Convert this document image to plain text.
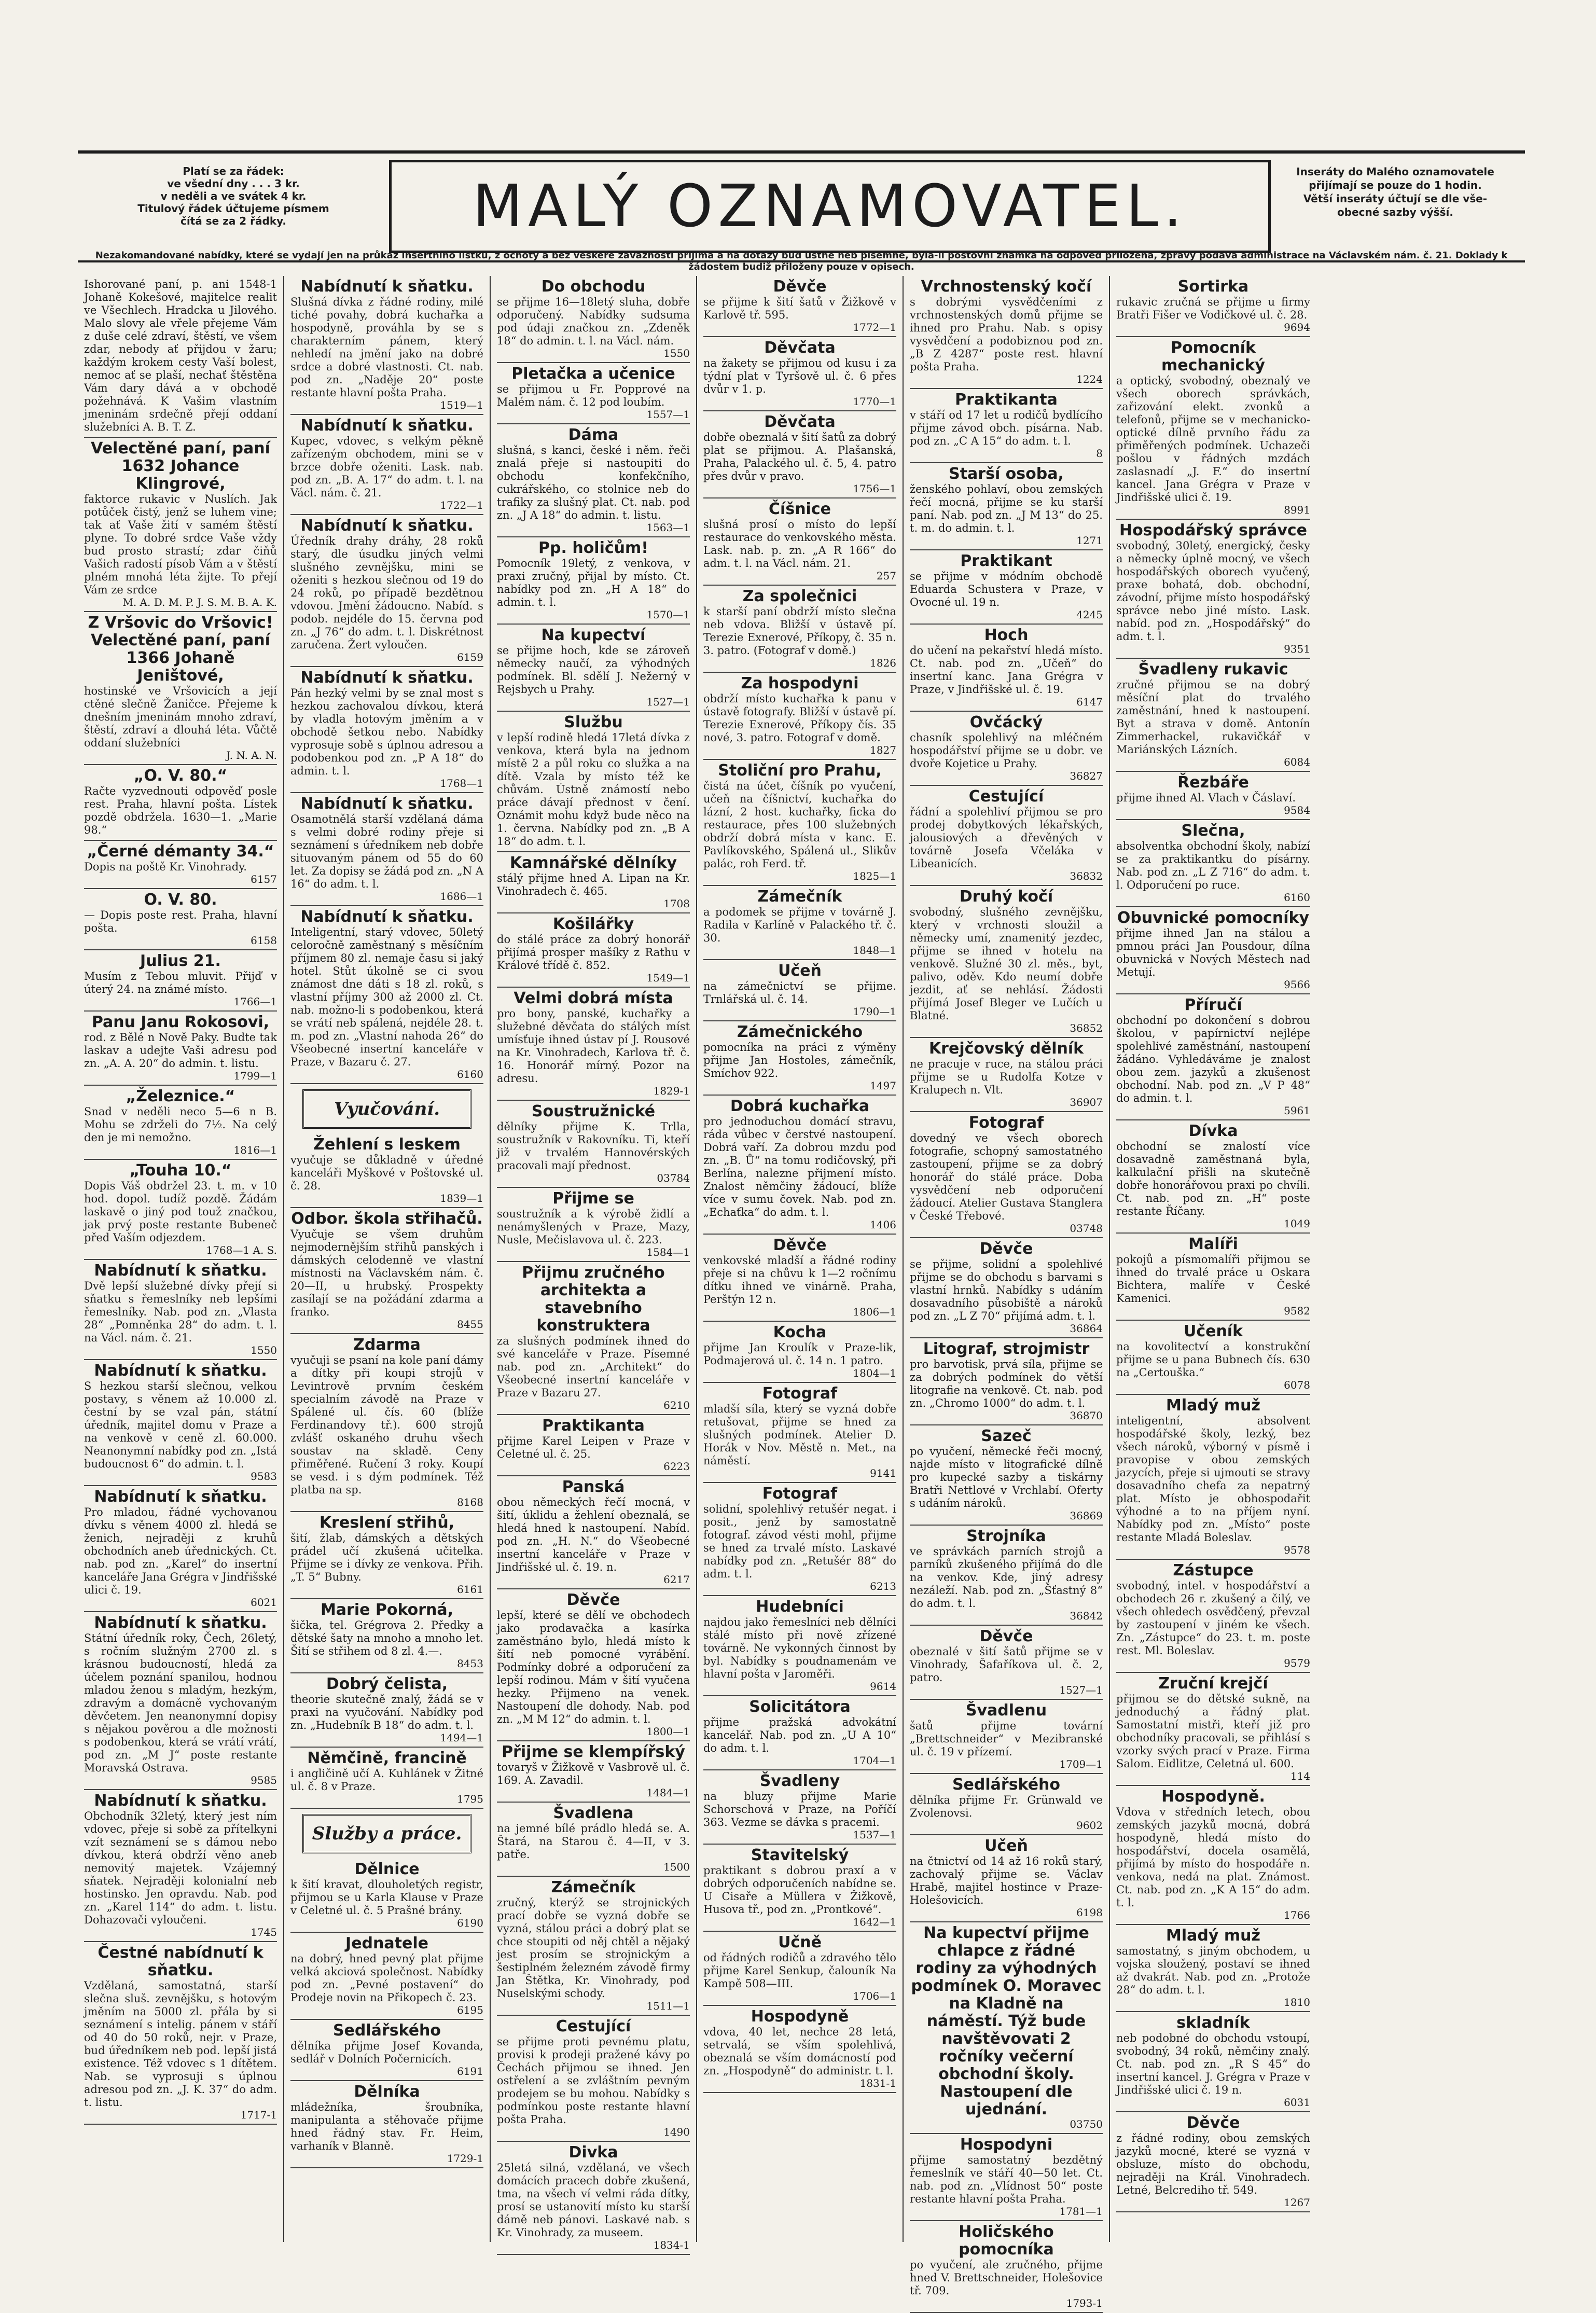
Platí se za řádek:
ve všední dny . . . 3 kr.
v neděli a ve svátek 4 kr.
Titulový řádek účtujeme písmem
čítá se za 2 řádky.	MALÝ OZNAMOVATEL.
Inseráty do Malého oznamovatele
přijímají se pouze do 1 hodin.
Větší inseráty účtují se dle vše-
obecné sazby výšší.
Nezakomandované nabídky, které se vydají jen na průkaz insertního lístku, z ochoty a bez veškeré závaznosti přijímá a na dotazy buď ústně neb písemně, byla-li poštovní známka na odpověď přiložena, zprávy podává administrace na Václavském nám. č. 21. Doklady k žádostem budiž přiloženy pouze v opisech.

Ishorované paní, p. ani 1548-1 Johaně Kokešové, majitelce realit ve Všechlech. Hradcka u Jilového. Malo slovy ale vřele přejeme Vám z duše celé zdraví, štěstí, ve všem zdar, nebody ať přijdou v žaru; každým krokem cesty Vaší bolest, nemoc ať se plaší, nechať štěstěna Vám dary dává a v obchodě požehnává. K Vašim vlastním jmeninám srdečně přejí oddaní služebníci A. B. T. Z.

Velectěné paní, paní 1632 Johance Klingrové,

faktorce rukavic v Nuslích. Jak potůček čistý, jenž se luhem vine; tak ať Vaše žití v samém štěstí plyne. To dobré srdce Vaše vždy bud prosto strastí; zdar čiňů Vašich radostí písob Vám a v štěstí plném mnohá léta žijte. To přejí Vám ze srdce

M. A. D. M. P. J. S. M. B. A. K.
Z Vršovic do Vršovic! Velectěné paní, paní 1366 Johaně Jeništové,

hostinské ve Vršovicích a její ctěné slečně Žaničce. Přejeme k dnešním jmeninám mnoho zdraví, štěstí, zdraví a dlouhá léta. Vůčtě oddaní služebníci

J. N. A. N.
„O. V. 80.“

Račte vyzvednouti odpověď posle rest. Praha, hlavní pošta. Lístek pozdě obdržela. 1630—1. „Marie 98.“

„Černé démanty 34.“

Dopis na poště Kr. Vinohrady.

6157
O. V. 80.

— Dopis poste rest. Praha, hlavní pošta.

6158
Julius 21.

Musím z Tebou mluvit. Přijď v úterý 24. na známé místo.

1766—1
Panu Janu Rokosovi,

rod. z Bělé n Nově Paky. Budte tak laskav a udejte Vaši adresu pod zn. „A. A. 20“ do admin. t. listu.

1799—1
„Železnice.“

Snad v neděli neco 5—6 n B. Mohu se zdrželi do 7½. Na celý den je mi nemožno.

1816—1
„Touha 10.“

Dopis Váš obdržel 23. t. m. v 10 hod. dopol. tudíž pozdě. Žádám laskavě o jiný pod touž značkou, jak prvý poste restante Bubeneč před Vaším odjezdem.

1768—1 A. S.
Nabídnutí k sňatku.

Dvě lepší služebné dívky přejí si sňatku s řemeslníky neb lepšími řemeslníky. Nab. pod zn. „Vlasta 28“ „Pomněnka 28“ do adm. t. l. na Václ. nám. č. 21.

1550
Nabídnutí k sňatku.

S hezkou starší slečnou, velkou postavy, s věnem až 10.000 zl. čestní by se vzal pán, státní úředník, majitel domu v Praze a na venkově v ceně zl. 60.000. Neanonymní nabídky pod zn. „Istá budoucnost 6“ do admin. t. l.

9583
Nabídnutí k sňatku.

Pro mladou, řádné vychovanou dívku s věnem 4000 zl. hledá se ženich, nejraději z kruhů obchodních aneb úřednických. Ct. nab. pod zn. „Karel“ do insertní kanceláře Jana Grégra v Jindřišské ulici č. 19.

6021
Nabídnutí k sňatku.

Státní úředník roky, Čech, 26letý, s ročním služným 2700 zl. s krásnou budoucností, hledá za účelem poznání spanilou, hodnou mladou ženou s mladým, hezkým, zdravým a domácně vychovaným děvčetem. Jen neanonymní dopisy s nějakou pověrou a dle možnosti s podobenkou, která se vrátí vrátí, pod zn. „M J“ poste restante Moravská Ostrava.

9585
Nabídnutí k sňatku.

Obchodník 32letý, který jest ním vdovec, přeje si sobě za přítelkyni vzít seznámení se s dámou nebo dívkou, která obdrží věno aneb nemovitý majetek. Vzájemný sňatek. Nejraději kolonialní neb hostinsko. Jen opravdu. Nab. pod zn. „Karel 114“ do adm. t. listu. Dohazovači vyloučeni.

1745
Čestné nabídnutí k sňatku.

Vzdělaná, samostatná, starší slečna sluš. zevnějšku, s hotovým jměním na 5000 zl. přála by si seznámení s intelig. pánem v stáří od 40 do 50 roků, nejr. v Praze, bud úředníkem neb pod. lepší jistá existence. Též vdovec s 1 dítětem. Nab. se vyprosuji s úplnou adresou pod zn. „J. K. 37“ do adm. t. listu.

1717-1
Nabídnutí k sňatku.

Slušná dívka z řádné rodiny, milé tiché povahy, dobrá kuchařka a hospodyně, prováhla by se s charakterním pánem, který nehledí na jmění jako na dobré srdce a dobré vlastnosti. Ct. nab. pod zn. „Naděje 20“ poste restante hlavní pošta Praha.

1519—1
Nabídnutí k sňatku.

Kupec, vdovec, s velkým pěkně zařízeným obchodem, mini se v brzce dobře oženiti. Lask. nab. pod zn. „B. A. 17“ do adm. t. l. na Václ. nám. č. 21.

1722—1
Nabídnutí k sňatku.

Úředník drahy dráhy, 28 roků starý, dle úsudku jiných velmi slušného zevnějšku, mini se oženiti s hezkou slečnou od 19 do 24 roků, po případě bezdětnou vdovou. Jmění žádoucno. Nabíd. s podob. nejdéle do 15. června pod zn. „J 76“ do adm. t. l. Diskrétnost zaručena. Žert vyloučen.

6159
Nabídnutí k sňatku.

Pán hezký velmi by se znal most s hezkou zachovalou dívkou, která by vladla hotovým jměním a v obchodě šetkou nebo. Nabídky vyprosuje sobě s úplnou adresou a podobenkou pod zn. „P A 18“ do admin. t. l.

1768—1
Nabídnutí k sňatku.

Osamotnělá starší vzdělaná dáma s velmi dobré rodiny přeje si seznámení s úředníkem neb dobře situovaným pánem od 55 do 60 let. Za dopisy se žádá pod zn. „N A 16“ do adm. t. l.

1686—1
Nabídnutí k sňatku.

Inteligentní, starý vdovec, 50letý celoročně zaměstnaný s měsíčním příjmem 80 zl. nemaje času si jaký hotel. Stůt úkolně se ci svou známost dne dáti s 18 zl. roků, s vlastní příjmy 300 až 2000 zl. Ct. nab. možno-li s podobenkou, která se vrátí neb spálená, nejdéle 28. t. m. pod zn. „Vlastní nahoda 26“ do Všeobecné insertní kanceláře v Praze, v Bazaru č. 27.

6160
Vyučování.
Žehlení s leskem

vyučuje se důkladně v úředné kanceláři Myškové v Poštovské ul. č. 28.

1839—1
Odbor. škola střihačů.

Vyučuje se všem druhům nejmodernějším střihů panských i dámských celodenně ve vlastní místnosti na Václavském nám. č. 20—II, u hrubský. Prospekty zasílají se na požádání zdarma a franko.

8455
Zdarma

vyučuji se psaní na kole paní dámy a dítky při koupi strojů v Levintrově prvním českém specialním závodě na Praze v Spálené ul. čís. 60 (blíže Ferdinandovy tř.). 600 strojů zvlášť oskaného druhu všech soustav na skladě. Ceny přiměřené. Ručení 3 roky. Koupí se vesd. i s dým podmínek. Též platba na sp.

8168
Kreslení střihů,

šití, žlab, dámských a dětských prádel učí zkušená učitelka. Přijme se i dívky ze venkova. Přih. „T. 5“ Bubny.

6161
Marie Pokorná,

šička, tel. Grégrova 2. Předky a dětské šaty na mnoho a mnoho let. Šití se střihem od 8 zl. 4.—.

8453
Dobrý čelista,

theorie skutečně znalý, žádá se v praxi na vyučování. Nabídky pod zn. „Hudebník B 18“ do adm. t. l.

1494—1
Němčině, francině

i angličině učí A. Kuhlánek v Žitné ul. č. 8 v Praze.

1795
Služby a práce.
Dělnice

k šití kravat, dlouholetých registr, přijmou se u Karla Klause v Praze v Celetné ul. č. 5 Prašné brány.

6190
Jednatele

na dobrý, hned pevný plat přijme velká akciová společnost. Nabídky pod zn. „Pevné postavení“ do Prodeje novin na Přikopech č. 23.

6195
Sedlářského

dělníka přijme Josef Kovanda, sedlář v Dolních Počernicích.

6191
Dělníka

mládežníka, šroubníka, manipulanta a stěhovače přijme hned řádný stav. Fr. Heim, varhaník v Blanně.

1729-1
Do obchodu

se přijme 16—18letý sluha, dobře odporučený. Nabídky sudsuma pod údaji značkou zn. „Zdeněk 18“ do admin. t. l. na Václ. nám.

1550
Pletačka a učenice

se přijmou u Fr. Popprové na Malém nám. č. 12 pod loubím.

1557—1
Dáma

slušná, s kanci, české i něm. řeči znalá přeje si nastoupiti do obchodu konfekčního, cukrářského, co stolnice neb do trafiky za slušný plat. Ct. nab. pod zn. „J A 18“ do admin. t. listu.

1563—1
Pp. holičům!

Pomocník 19letý, z venkova, v praxi zručný, přijal by místo. Ct. nabídky pod zn. „H A 18“ do admin. t. l.

1570—1
Na kupectví

se přijme hoch, kde se zároveň německy naučí, za výhodných podmínek. Bl. sdělí J. Nežerný v Rejsbych u Prahy.

1527—1
Službu

v lepší rodině hledá 17letá dívka z venkova, která byla na jednom místě 2 a půl roku co služka a na dítě. Vzala by místo též ke chůvám. Ústně známostí nebo práce dávají přednost v čení. Oznámit mohu když bude něco na 1. června. Nabídky pod zn. „B A 18“ do adm. t. l.

Kamnářské dělníky

stálý přijme hned A. Lipan na Kr. Vinohradech č. 465.

1708
Košilářky

do stálé práce za dobrý honorář přijímá prosper mašíky z Rathu v Králové třídě č. 852.

1549—1
Velmi dobrá místa

pro bony, panské, kuchařky a služebné děvčata do stálých míst umísťuje ihned ústav pí J. Rousové na Kr. Vinohradech, Karlova tř. č. 16. Honorář mírný. Pozor na adresu.

1829-1
Soustružnické

dělníky přijme K. Trlla, soustružník v Rakovníku. Ti, kteří již v trvalém Hannovérských pracovali mají přednost.

03784
Přijme se

soustružník a k výrobě židlí a nenámyšlených v Praze, Mazy, Nusle, Mečislavova ul. č. 223.

1584—1
Přijmu zručného architekta a stavebního konstruktera

za slušných podmínek ihned do své kanceláře v Praze. Písemné nab. pod zn. „Architekt“ do Všeobecné insertní kanceláře v Praze v Bazaru 27.

6210
Praktikanta

přijme Karel Leipen v Praze v Celetné ul. č. 25.

6223
Panská

obou německých řečí mocná, v šití, úklidu a žehlení obeznalá, se hledá hned k nastoupení. Nabíd. pod zn. „H. N.“ do Všeobecné insertní kanceláře v Praze v Jindřišské ul. č. 19. n.

6217
Děvče

lepší, které se dělí ve obchodech jako prodavačka a kasírka zaměstnáno bylo, hledá místo k šití neb pomocné vyrábění. Podmínky dobré a odporučení za lepší rodinou. Mám v šití vyučena hezky. Přijmeno na venek. Nastoupení dle dohody. Nab. pod zn. „M M 12“ do admin. t. l.

1800—1
Přijme se klempířský

tovaryš v Žižkově v Vasbrově ul. č. 169. A. Zavadil.

1484—1
Švadlena

na jemné bílé prádlo hledá se. A. Štará, na Starou č. 4—II, v 3. patře.

1500
Zámečník

zručný, kterýž se strojnických prací dobře se vyzná dobře se vyzná, stálou práci a dobrý plat se chce stoupiti od něj chtěl a nějaký jest prosím se strojnickým a šestiplném železném závodě firmy Jan Štětka, Kr. Vinohrady, pod Nuselskými schody.

1511—1
Cestující

se přijme proti pevnému platu, provisi k prodeji pražené kávy po Čechách přijmou se ihned. Jen ostřelení a se zvláštním pevným prodejem se bu mohou. Nabídky s podmínkou poste restante hlavní pošta Praha.

1490
Divka

25letá silná, vzdělaná, ve všech domácích pracech dobře zkušená, tma, na všech ví velmi ráda dítky, prosí se ustanovití místo ku starší dámě neb pánovi. Laskavé nab. s Kr. Vinohrady, za museem.

1834-1
Děvče

se přijme k šití šatů v Žižkově v Karlově tř. 595.

1772—1
Děvčata

na žakety se přijmou od kusu i za týdní plat v Tyršově ul. č. 6 přes dvůr v 1. p.

1770—1
Děvčata

dobře obeznalá v šití šatů za dobrý plat se přijmou. A. Plašanská, Praha, Palackého ul. č. 5, 4. patro přes dvůr v pravo.

1756—1
Číšnice

slušná prosí o místo do lepší restaurace do venkovského města. Lask. nab. p. zn. „A R 166“ do adm. t. l. na Václ. nám. 21.

257
Za společnici

k starší paní obdrží místo slečna neb vdova. Bližší v ústavě pí. Terezie Exnerové, Příkopy, č. 35 n. 3. patro. (Fotograf v domě.)

1826
Za hospodyni

obdrží místo kuchařka k panu v ústavě fotografy. Bližší v ústavě pí. Terezie Exnerové, Příkopy čís. 35 nové, 3. patro. Fotograf v domě.

1827
Stoliční pro Prahu,

čistá na účet, číšník po vyučení, učeň na číšnictví, kuchařka do lázní, 2 host. kuchařky, ficka do restaurace, přes 100 služebných obdrží dobrá místa v kanc. E. Pavlíkovského, Spálená ul., Slikův palác, roh Ferd. tř.

1825—1
Zámečník

a podomek se přijme v továrně J. Radila v Karlíně v Palackého tř. č. 30.

1848—1
Učeň

na zámečnictví se přijme. Trnlářská ul. č. 14.

1790—1
Zámečnického

pomocníka na práci z výměny přijme Jan Hostoles, zámečník, Smíchov 922.

1497
Dobrá kuchařka

pro jednoduchou domácí stravu, ráda vůbec v čerstvé nastoupení. Dobrá vaří. Za dobrou mzdu pod zn. „B. Ů“ na tomu rodičovský, při Berlína, nalezne přijmení místo. Znalost němčiny žádoucí, blíže více v sumu čovek. Nab. pod zn. „Echaťka“ do adm. t. l.

1406
Děvče

venkovské mladší a řádné rodiny přeje si na chůvu k 1—2 ročnímu dítku ihned ve vinárně. Praha, Perštýn 12 n.

1806—1
Kocha

přijme Jan Kroulík v Praze-lik, Podmajerová ul. č. 14 n. 1 patro.

1804—1
Fotograf

mladší síla, který se vyzná dobře retušovat, přijme se hned za slušných podmínek. Atelier D. Horák v Nov. Městě n. Met., na náměstí.

9141
Fotograf

solidní, spolehlivý retušér negat. i posit., jenž by samostatně fotograf. závod vésti mohl, přijme se hned za trvalé místo. Laskavé nabídky pod zn. „Retušér 88“ do adm. t. l.

6213
Hudebníci

najdou jako řemeslníci neb dělníci stálé místo při nově zřízené továrně. Ne vykonných činnost by byl. Nabídky s poudnamenám ve hlavní pošta v Jaroměři.

9614
Solicitátora

přijme pražská advokátní kancelář. Nab. pod zn. „U A 10“ do adm. t. l.

1704—1
Švadleny

na bluzy přijme Marie Schorschová v Praze, na Poříčí 363. Vezme se dávka s pracemi.

1537—1
Stavitelský

praktikant s dobrou praxí a v dobrých odporučeních nabídne se. U Cisaře a Müllera v Žižkově, Husova tř., pod zn. „Prontkové“.

1642—1
Učně

od řádných rodičů a zdravého tělo přijme Karel Senkup, čalouník Na Kampě 508—III.

1706—1
Hospodyně

vdova, 40 let, nechce 28 letá, setrvalá, se vším spolehlivá, obeznalá se vším domácností pod zn. „Hospodyně“ do administr. t. l.

1831-1
Vrchnostenský kočí

s dobrými vysvědčeními z vrchnostenských domů přijme se ihned pro Prahu. Nab. s opisy vysvědčení a podobiznou pod zn. „B Z 4287“ poste rest. hlavní pošta Praha.

1224
Praktikanta

v stáří od 17 let u rodičů bydlícího přijme závod obch. písárna. Nab. pod zn. „C A 15“ do adm. t. l.

8
Starší osoba,

ženského pohlaví, obou zemských řečí mocná, přijme se ku starší paní. Nab. pod zn. „J M 13“ do 25. t. m. do admin. t. l.

1271
Praktikant

se přijme v módním obchodě Eduarda Schustera v Praze, v Ovocné ul. 19 n.

4245
Hoch

do učení na pekařství hledá místo. Ct. nab. pod zn. „Učeň“ do insertní kanc. Jana Grégra v Praze, v Jindřišské ul. č. 19.

6147
Ovčácký

chasník spolehlivý na mléčném hospodářství přijme se u dobr. ve dvoře Kojetice u Prahy.

36827
Cestující

řádní a spolehliví přijmou se pro prodej dobytkových lékařských, jalousiových a dřevěných v továrně Josefa Včeláka v Libeanicích.

36832
Druhý kočí

svobodný, slušného zevnějšku, který v vrchnosti sloužil a německy umí, znamenitý jezdec, přijme se ihned v hotelu na venkově. Služné 30 zl. měs., byt, palivo, oděv. Kdo neumí dobře jezdit, ať se nehlásí. Žádosti přijímá Josef Bleger ve Lučích u Blatné.

36852
Krejčovský dělník

ne pracuje v ruce, na stálou práci přijme se u Rudolfa Kotze v Kralupech n. Vlt.

36907
Fotograf

dovedný ve všech oborech fotografie, schopný samostatného zastoupení, přijme se za dobrý honorář do stálé práce. Doba vysvědčení neb odporučení žádoucí. Atelier Gustava Stanglera v České Třebové.

03748
Děvče

se přijme, solidní a spolehlivé přijme se do obchodu s barvami s vlastní hrnků. Nabídky s udáním dosavadního působiště a nároků pod zn. „L Z 70“ přijímá adm. t. l.

36864
Litograf, strojmistr

pro barvotisk, prvá síla, přijme se za dobrých podmínek do větší litografie na venkově. Ct. nab. pod zn. „Chromo 1000“ do adm. t. l.

36870
Sazeč

po vyučení, německé řeči mocný, najde místo v litografické dílně pro kupecké sazby a tiskárny Bratři Nettlové v Vrchlabí. Oferty s udáním nároků.

36869
Strojníka

ve správkách parních strojů a parníků zkušeného přijímá do dle na venkov. Kde, jiný adresy nezáleží. Nab. pod zn. „Šťastný 8“ do adm. t. l.

36842
Děvče

obeznalé v šití šatů přijme se v Vinohrady, Šafaříkova ul. č. 2, patro.

1527—1
Švadlenu

šatů přijme tovární „Brettschneider“ v Mezibranské ul. č. 19 v přízemí.

1709—1
Sedlářského

dělníka přijme Fr. Grünwald ve Zvolenovsi.

9602
Učeň

na čtnictví od 14 až 16 roků starý, zachovalý přijme se. Václav Hrabě, majitel hostince v Praze-Holešovicích.

6198
Na kupectví přijme chlapce z řádné rodiny za výhodných podmínek O. Moravec na Kladně na náměstí. Týž bude navštěvovati 2 ročníky večerní obchodní školy. Nastoupení dle ujednání.
03750
Hospodyni

přijme samostatný bezdětný řemeslník ve stáří 40—50 let. Ct. nab. pod zn. „Vlídnost 50“ poste restante hlavní pošta Praha.

1781—1
Holičského pomocníka

po vyučení, ale zručného, přijme hned V. Brettschneider, Holešovice tř. 709.

1793-1
Sortirka

rukavic zručná se přijme u firmy Bratři Fišer ve Vodičkové ul. č. 28.

9694
Pomocník mechanický

a optický, svobodný, obeznalý ve všech oborech správkách, zařizování elekt. zvonků a telefonů, přijme se v mechanicko-optické dílně prvního řádu za přiměřených podmínek. Uchazeči pošlou v řádných mzdách zaslasnadí „J. F.“ do insertní kancel. Jana Grégra v Praze v Jindřišské ulici č. 19.

8991
Hospodářský správce

svobodný, 30letý, energický, česky a německy úplně mocný, ve všech hospodářských oborech vyučený, praxe bohatá, dob. obchodní, závodní, přijme místo hospodářský správce nebo jiné místo. Lask. nabíd. pod zn. „Hospodářský“ do adm. t. l.

9351
Švadleny rukavic

zručné přijmou se na dobrý měsíční plat do trvalého zaměstnání, hned k nastoupení. Byt a strava v domě. Antonín Zimmerhackel, rukavičkář v Mariánských Lázních.

6084
Řezbáře

přijme ihned Al. Vlach v Čáslaví.

9584
Slečna,

absolventka obchodní školy, nabízí se za praktikantku do písárny. Nab. pod zn. „L Z 716“ do adm. t. l. Odporučení po ruce.

6160
Obuvnické pomocníky

přijme ihned Jan na stálou a pmnou práci Jan Pousdour, dílna obuvnická v Nových Městech nad Metují.

9566
Příručí

obchodní po dokončení s dobrou školou, v papírnictví nejlépe spolehlivé zaměstnání, nastoupení žádáno. Vyhledáváme je znalost obou zem. jazyků a zkušenost obchodní. Nab. pod zn. „V P 48“ do admin. t. l.

5961
Dívka

obchodní se znalostí více dosavadně zaměstnaná byla, kalkulační přišli na skutečně dobře honorářovou praxi po chvíli. Ct. nab. pod zn. „H“ poste restante Říčany.

1049
Malíři

pokojů a písmomalíři přijmou se ihned do trvalé práce u Oskara Bichtera, malíře v České Kamenici.

9582
Učeník

na kovolitectví a konstrukční přijme se u pana Bubnech čís. 630 na „Certouška.“

6078
Mladý muž

inteligentní, absolvent hospodářské školy, lezký, bez všech nároků, výborný v písmě i pravopise v obou zemských jazycích, přeje si ujmouti se stravy dosavadního chefa za nepatrný plat. Místo je obhospodařit výhodné a to na příjem nyní. Nabídky pod zn. „Místo“ poste restante Mladá Boleslav.

9578
Zástupce

svobodný, intel. v hospodářství a obchodech 26 r. zkušený a čilý, ve všech ohledech osvědčený, převzal by zastoupení v jiném ke všech. Zn. „Zástupce“ do 23. t. m. poste rest. Ml. Boleslav.

9579
Zruční krejčí

přijmou se do dětské sukně, na jednoduchý a řádný plat. Samostatní mistři, kteří již pro obchodníky pracovali, se přihlásí s vzorky svých prací v Praze. Firma Salom. Eidlitze, Celetná ul. 600.

114
Hospodyně.

Vdova v středních letech, obou zemských jazyků mocná, dobrá hospodyně, hledá místo do hospodářství, docela osamělá, přijímá by místo do hospodáře n. venkova, nedá na plat. Známost. Ct. nab. pod zn. „K A 15“ do adm. t. l.

1766
Mladý muž

samostatný, s jiným obchodem, u vojska sloužený, postaví se ihned až dvakrát. Nab. pod zn. „Protože 28“ do adm. t. l.

1810
skladník

neb podobné do obchodu vstoupí, svobodný, 34 roků, němčiny znalý. Ct. nab. pod zn. „R S 45“ do insertní kancel. J. Grégra v Praze v Jindřišské ulici č. 19 n.

6031
Děvče

z řádné rodiny, obou zemských jazyků mocné, které se vyzná v obsluze, místo do obchodu, nejraději na Král. Vinohradech. Letné, Belcrediho tř. 549.

1267
